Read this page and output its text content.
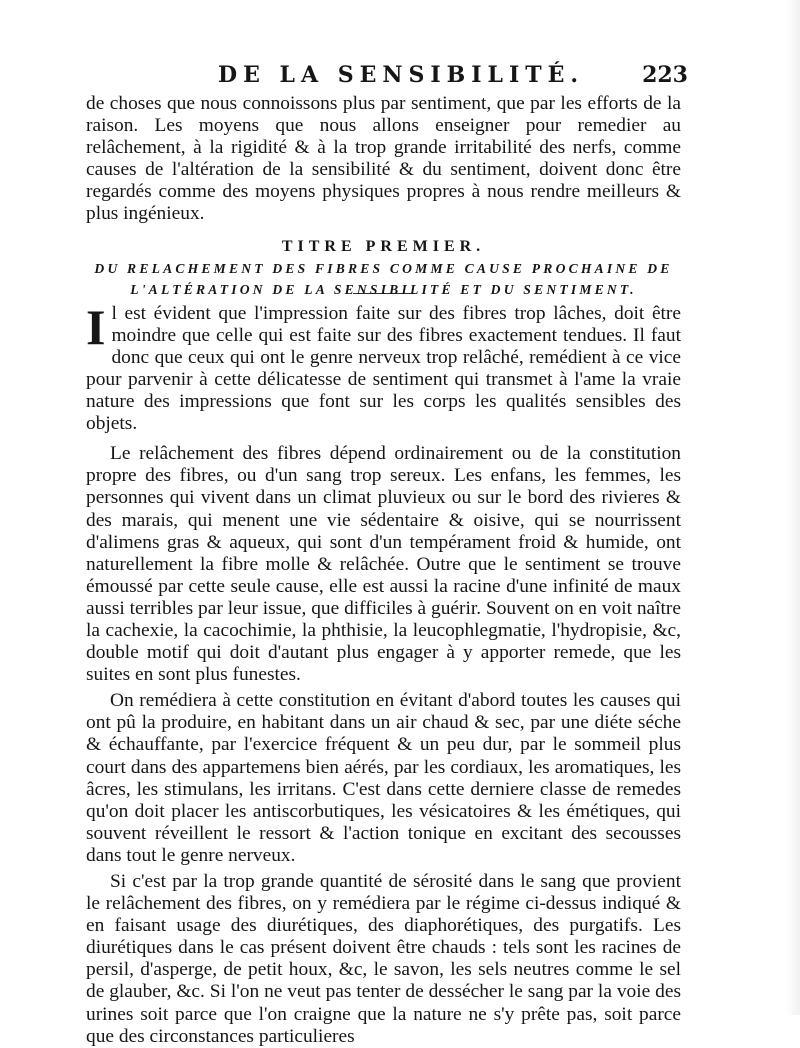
DE LA SENSIBILITÉ.	223

de choses que nous connoissons plus par sentiment, que par les efforts de la raison. Les moyens que nous allons enseigner pour remedier au relâchement, à la rigidité & à la trop grande irritabilité des nerfs, comme causes de l'altération de la sensibilité & du sentiment, doivent donc être regardés comme des moyens physiques propres à nous rendre meilleurs & plus ingénieux.

TITRE PREMIER.

DU RELACHEMENT DES FIBRES COMME CAUSE PROCHAINE DE L'ALTÉRATION DE LA SENSIBILITÉ ET DU SENTIMENT.

Il est évident que l'impression faite sur des fibres trop lâches, doit être moindre que celle qui est faite sur des fibres exactement tendues. Il faut donc que ceux qui ont le genre nerveux trop relâché, remédient à ce vice pour parvenir à cette délicatesse de sentiment qui transmet à l'ame la vraie nature des impressions que font sur les corps les qualités sensibles des objets.

Le relâchement des fibres dépend ordinairement ou de la constitution propre des fibres, ou d'un sang trop sereux. Les enfans, les femmes, les personnes qui vivent dans un climat pluvieux ou sur le bord des rivieres & des marais, qui menent une vie sédentaire & oisive, qui se nourrissent d'alimens gras & aqueux, qui sont d'un tempérament froid & humide, ont naturellement la fibre molle & relâchée. Outre que le sentiment se trouve émoussé par cette seule cause, elle est aussi la racine d'une infinité de maux aussi terribles par leur issue, que difficiles à guérir. Souvent on en voit naître la cachexie, la cacochimie, la phthisie, la leucophlegmatie, l'hydropisie, &c, double motif qui doit d'autant plus engager à y apporter remede, que les suites en sont plus funestes.

On remédiera à cette constitution en évitant d'abord toutes les causes qui ont pû la produire, en habitant dans un air chaud & sec, par une diéte séche & échauffante, par l'exercice fréquent & un peu dur, par le sommeil plus court dans des appartemens bien aérés, par les cordiaux, les aromatiques, les âcres, les stimulans, les irritans. C'est dans cette derniere classe de remedes qu'on doit placer les antiscorbutiques, les vésicatoires & les émétiques, qui souvent réveillent le ressort & l'action tonique en excitant des secousses dans tout le genre nerveux.

Si c'est par la trop grande quantité de sérosité dans le sang que provient le relâchement des fibres, on y remédiera par le régime ci-dessus indiqué & en faisant usage des diurétiques, des diaphorétiques, des purgatifs. Les diurétiques dans le cas présent doivent être chauds : tels sont les racines de persil, d'asperge, de petit houx, &c, le savon, les sels neutres comme le sel de glauber, &c. Si l'on ne veut pas tenter de dessécher le sang par la voie des urines soit parce que l'on craigne que la nature ne s'y prête pas, soit parce que des circonstances particulieres
